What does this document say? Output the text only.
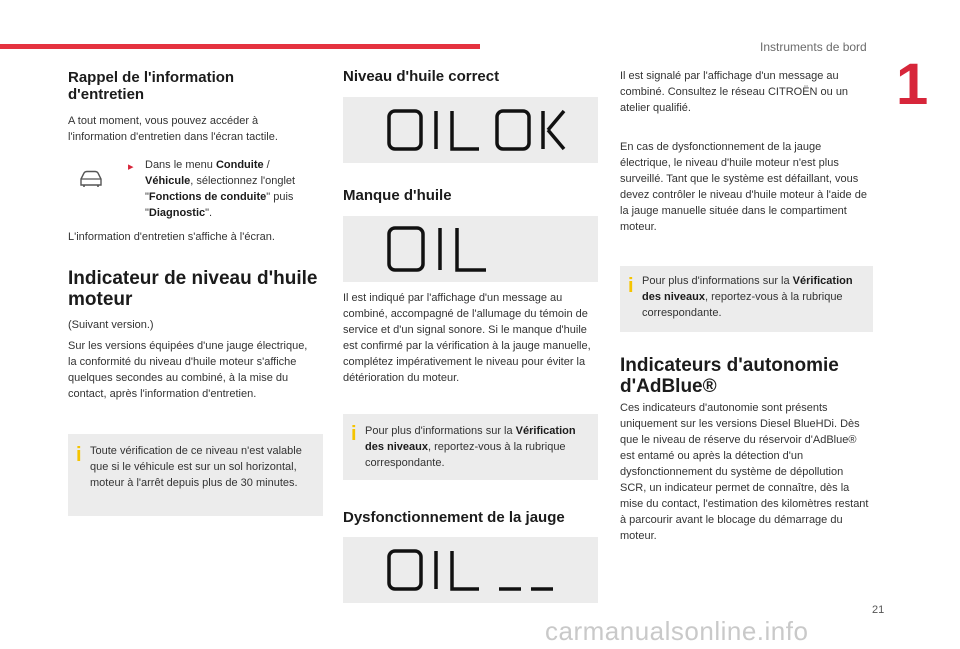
Instruments de bord
1
21
Rappel de l'information d'entretien

A tout moment, vous pouvez accéder à l'information d'entretien dans l'écran tactile.

▸	Dans le menu Conduite / Véhicule, sélectionnez l'onglet "Fonctions de conduite" puis "Diagnostic".

L'information d'entretien s'affiche à l'écran.

Indicateur de niveau d'huile moteur

(Suivant version.)

Sur les versions équipées d'une jauge électrique, la conformité du niveau d'huile moteur s'affiche quelques secondes au combiné, à la mise du contact, après l'information d'entretien.

i Toute vérification de ce niveau n'est valable que si le véhicule est sur un sol horizontal, moteur à l'arrêt depuis plus de 30 minutes.

Niveau d'huile correct
Manque d'huile

Il est indiqué par l'affichage d'un message au combiné, accompagné de l'allumage du témoin de service et d'un signal sonore. Si le manque d'huile est confirmé par la vérification à la jauge manuelle, complétez impérativement le niveau pour éviter la détérioration du moteur.

i Pour plus d'informations sur la Vérification des niveaux, reportez-vous à la rubrique correspondante.

Dysfonctionnement de la jauge

Il est signalé par l'affichage d'un message au combiné. Consultez le réseau CITROËN ou un atelier qualifié.

En cas de dysfonctionnement de la jauge électrique, le niveau d'huile moteur n'est plus surveillé. Tant que le système est défaillant, vous devez contrôler le niveau d'huile moteur à l'aide de la jauge manuelle située dans le compartiment moteur.

i Pour plus d'informations sur la Vérification des niveaux, reportez-vous à la rubrique correspondante.

Indicateurs d'autonomie d'AdBlue®

Ces indicateurs d'autonomie sont présents uniquement sur les versions Diesel BlueHDi. Dès que le niveau de réserve du réservoir d'AdBlue® est entamé ou après la détection d'un dysfonctionnement du système de dépollution SCR, un indicateur permet de connaître, dès la mise du contact, l'estimation des kilomètres restant à parcourir avant le blocage du démarrage du moteur.

carmanualsonline.info
